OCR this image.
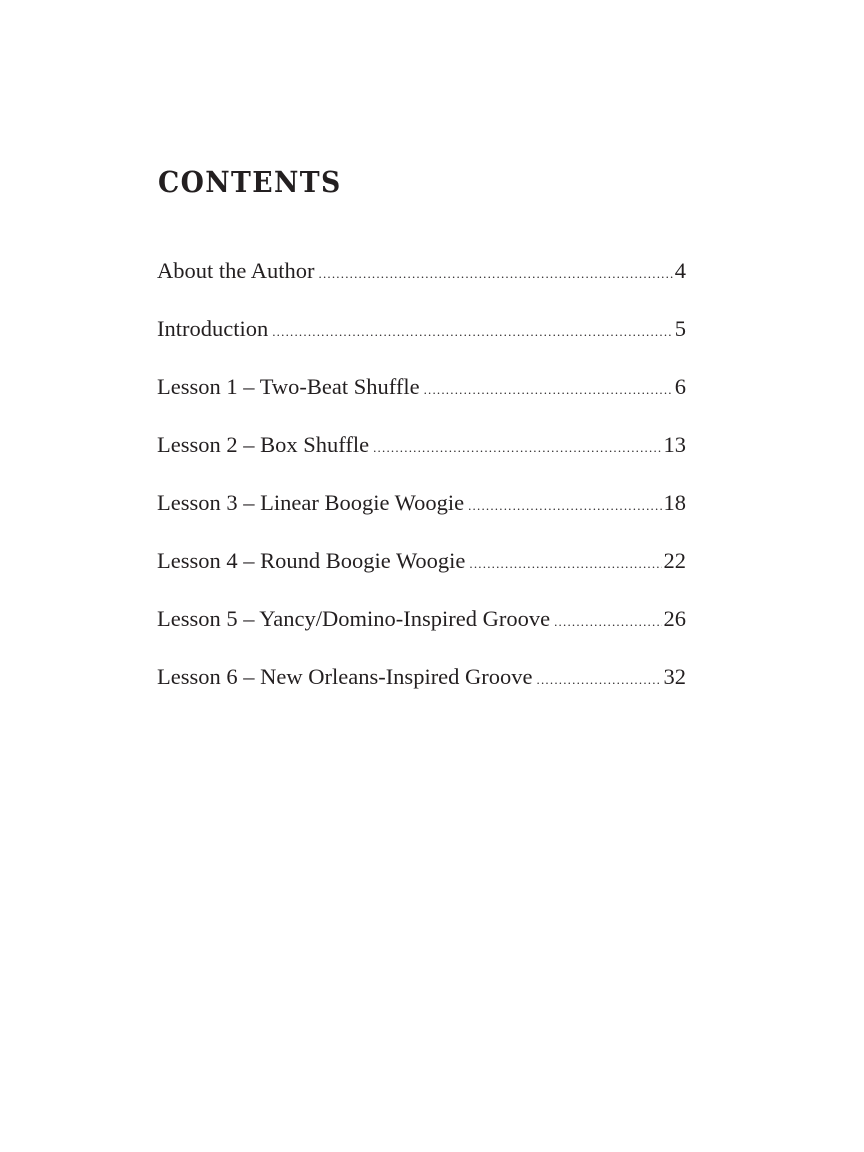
CONTENTS
About the Author .....	4
Introduction .....	5
Lesson 1 – Two-Beat Shuffle .....	6
Lesson 2 – Box Shuffle .....	13
Lesson 3 – Linear Boogie Woogie .....	18
Lesson 4 – Round Boogie Woogie .....	22
Lesson 5 – Yancy/Domino-Inspired Groove .....	26
Lesson 6 – New Orleans-Inspired Groove .....	32
